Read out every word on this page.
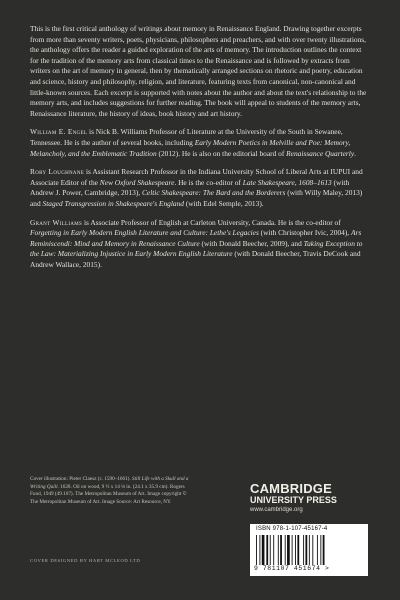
This is the first critical anthology of writings about memory in Renaissance England. Drawing together excerpts from more than seventy writers, poets, physicians, philosophers and preachers, and with over twenty illustrations, the anthology offers the reader a guided exploration of the arts of memory. The introduction outlines the context for the tradition of the memory arts from classical times to the Renaissance and is followed by extracts from writers on the art of memory in general, then by thematically arranged sections on rhetoric and poetry, education and science, history and philosophy, religion, and literature, featuring texts from canonical, non-canonical and little-known sources. Each excerpt is supported with notes about the author and about the text's relationship to the memory arts, and includes suggestions for further reading. The book will appeal to students of the memory arts, Renaissance literature, the history of ideas, book history and art history.

William E. Engel is Nick B. Williams Professor of Literature at the University of the South in Sewanee, Tennessee. He is the author of several books, including Early Modern Poetics in Melville and Poe: Memory, Melancholy, and the Emblematic Tradition (2012). He is also on the editorial board of Renaissance Quarterly.

Rory Loughnane is Assistant Research Professor in the Indiana University School of Liberal Arts at IUPUI and Associate Editor of the New Oxford Shakespeare. He is the co-editor of Late Shakespeare, 1608–1613 (with Andrew J. Power, Cambridge, 2013), Celtic Shakespeare: The Bard and the Borderers (with Willy Maley, 2013) and Staged Transgression in Shakespeare's England (with Edel Semple, 2013).

Grant Williams is Associate Professor of English at Carleton University, Canada. He is the co-editor of Forgetting in Early Modern English Literature and Culture: Lethe's Legacies (with Christopher Ivic, 2004), Ars Reminiscendi: Mind and Memory in Renaissance Culture (with Donald Beecher, 2009), and Taking Exception to the Law: Materializing Injustice in Early Modern English Literature (with Donald Beecher, Travis DeCook and Andrew Wallace, 2015).

Cover illustration: Pieter Claesz (c. 1590–1661). Still Life with a Skull and a Writing Quill. 1628. Oil on wood, 9 ½ x 14 ⅛ in. (24.1 x 35.9 cm). Rogers Fund, 1949 (49.107). The Metropolitan Museum of Art. Image copyright © The Metropolitan Museum of Art. Image Source: Art Resource, NY.
COVER DESIGNED BY HART MCLEOD LTD
CAMBRIDGE
UNIVERSITY PRESS
www.cambridge.org
ISBN 978-1-107-45167-4
9 781107 451674 >
